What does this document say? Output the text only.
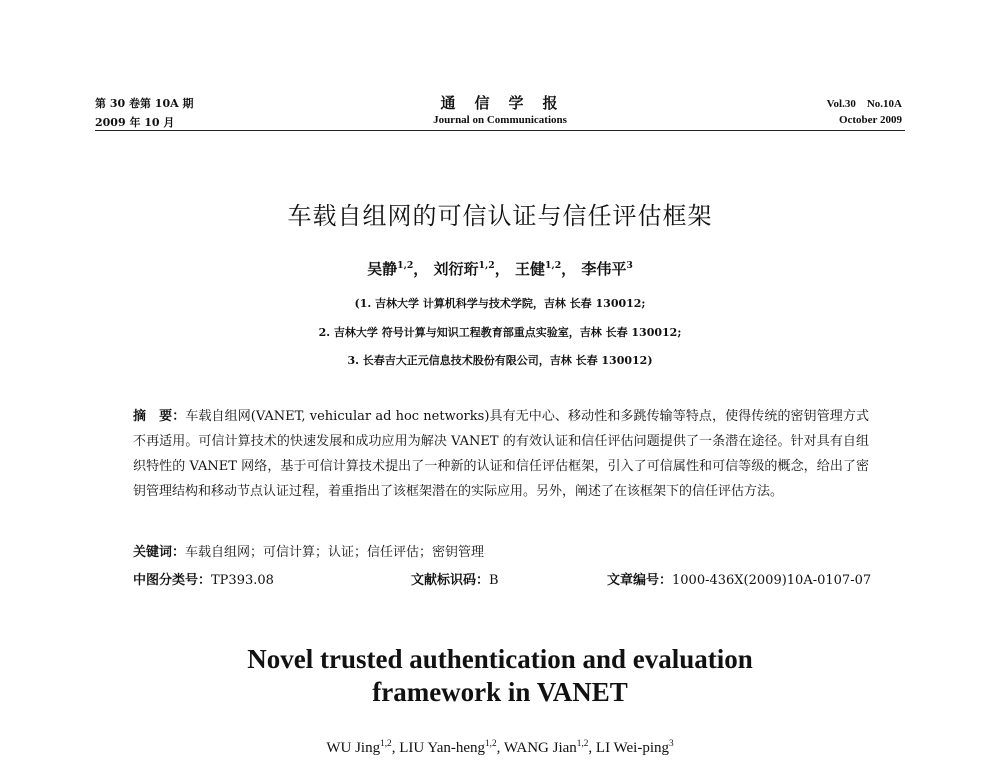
第 30 卷第 10A 期
2009 年 10 月
通　信　学　报
Journal on Communications
Vol.30　No.10A
October 2009
车载自组网的可信认证与信任评估框架
吴静$^{1,2}$， 刘衍珩$^{1,2}$， 王健$^{1,2}$， 李伟平$^3$
(1. 吉林大学 计算机科学与技术学院，吉林 长春 130012;
2. 吉林大学 符号计算与知识工程教育部重点实验室，吉林 长春 130012;
3. 长春吉大正元信息技术股份有限公司，吉林 长春 130012)

摘　要：车载自组网(VANET, vehicular ad hoc networks)具有无中心、移动性和多跳传输等特点，使得传统的密钥管理方式不再适用。可信计算技术的快速发展和成功应用为解决 VANET 的有效认证和信任评估问题提供了一条潜在途径。针对具有自组织特性的 VANET 网络，基于可信计算技术提出了一种新的认证和信任评估框架，引入了可信属性和可信等级的概念，给出了密钥管理结构和移动节点认证过程，着重指出了该框架潜在的实际应用。另外，阐述了在该框架下的信任评估方法。

关键词：车载自组网；可信计算；认证；信任评估；密钥管理
中图分类号：TP393.08	文献标识码：B	文章编号：1000-436X(2009)10A-0107-07
Novel trusted authentication and evaluation
framework in VANET
WU Jing$^{1,2}$, LIU Yan-heng$^{1,2}$, WANG Jian$^{1,2}$, LI Wei-ping$^3$
